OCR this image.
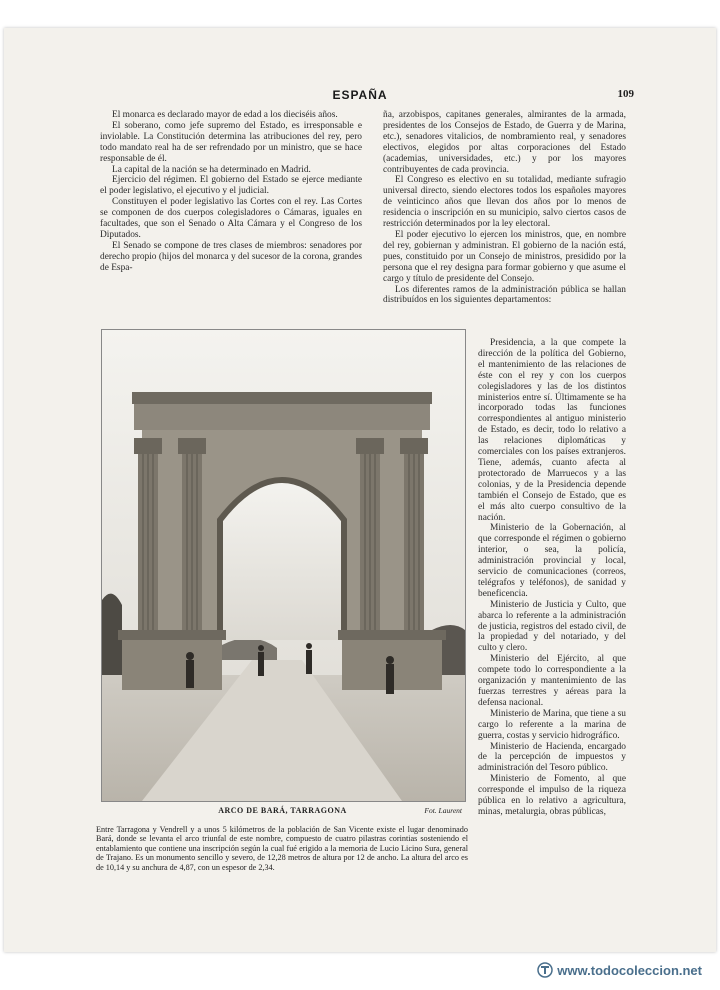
ESPAÑA	109

El monarca es declarado mayor de edad a los dieciséis años.

El soberano, como jefe supremo del Estado, es irresponsable e inviolable. La Constitución determina las atribuciones del rey, pero todo mandato real ha de ser refrendado por un ministro, que se hace responsable de él.

La capital de la nación se ha determinado en Madrid.

Ejercicio del régimen. El gobierno del Estado se ejerce mediante el poder legislativo, el ejecutivo y el judicial.

Constituyen el poder legislativo las Cortes con el rey. Las Cortes se componen de dos cuerpos colegisladores o Cámaras, iguales en facultades, que son el Senado o Alta Cámara y el Congreso de los Diputados.

El Senado se compone de tres clases de miembros: senadores por derecho propio (hijos del monarca y del sucesor de la corona, grandes de Espa-

ña, arzobispos, capitanes generales, almirantes de la armada, presidentes de los Consejos de Estado, de Guerra y de Marina, etc.), senadores vitalicios, de nombramiento real, y senadores electivos, elegidos por altas corporaciones del Estado (academias, universidades, etc.) y por los mayores contribuyentes de cada provincia.

El Congreso es electivo en su totalidad, mediante sufragio universal directo, siendo electores todos los españoles mayores de veinticinco años que llevan dos años por lo menos de residencia o inscripción en su municipio, salvo ciertos casos de restricción determinados por la ley electoral.

El poder ejecutivo lo ejercen los ministros, que, en nombre del rey, gobiernan y administran. El gobierno de la nación está, pues, constituido por un Consejo de ministros, presidido por la persona que el rey designa para formar gobierno y que asume el cargo y título de presidente del Consejo.

Los diferentes ramos de la administración pública se hallan distribuídos en los siguientes departamentos:

Presidencia, a la que compete la dirección de la política del Gobierno, el mantenimiento de las relaciones de éste con el rey y con los cuerpos colegisladores y las de los distintos ministerios entre sí. Últimamente se ha incorporado todas las funciones correspondientes al antiguo ministerio de Estado, es decir, todo lo relativo a las relaciones diplomáticas y comerciales con los países extranjeros. Tiene, además, cuanto afecta al protectorado de Marruecos y a las colonias, y de la Presidencia depende también el Consejo de Estado, que es el más alto cuerpo consultivo de la nación.

Ministerio de la Gobernación, al que corresponde el régimen o gobierno interior, o sea, la policía, administración provincial y local, servicio de comunicaciones (correos, telégrafos y teléfonos), de sanidad y beneficencia.

Ministerio de Justicia y Culto, que abarca lo referente a la administración de justicia, registros del estado civil, de la propiedad y del notariado, y del culto y clero.

Ministerio del Ejército, al que compete todo lo correspondiente a la organización y mantenimiento de las fuerzas terrestres y aéreas para la defensa nacional.

Ministerio de Marina, que tiene a su cargo lo referente a la marina de guerra, costas y servicio hidrográfico.

Ministerio de Hacienda, encargado de la percepción de impuestos y administración del Tesoro público.

Ministerio de Fomento, al que corresponde el impulso de la riqueza pública en lo relativo a agricultura, minas, metalurgia, obras públicas,

ARCO DE BARÁ, TARRAGONA	Fot. Laurent
Entre Tarragona y Vendrell y a unos 5 kilómetros de la población de San Vicente existe el lugar denominado Bará, donde se levanta el arco triunfal de este nombre, compuesto de cuatro pilastras corintias sosteniendo el entablamiento que contiene una inscripción según la cual fué erigido a la memoria de Lucio Licino Sura, general de Trajano. Es un monumento sencillo y severo, de 12,28 metros de altura por 12 de ancho. La altura del arco es de 10,14 y su anchura de 4,87, con un espesor de 2,34.
www.todocoleccion.net
